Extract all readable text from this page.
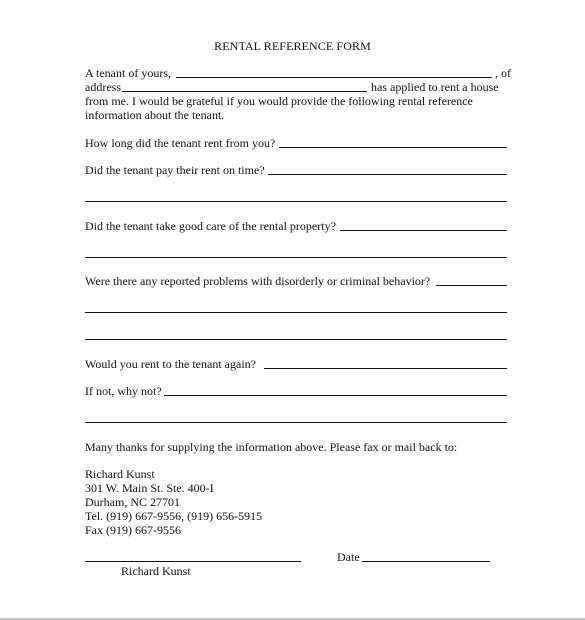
RENTAL REFERENCE FORM
A tenant of yours,	, of
address	has applied to rent a house
from me. I would be grateful if you would provide the following rental reference
information about the tenant.
How long did the tenant rent from you?
Did the tenant pay their rent on time?
Did the tenant take good care of the rental property?
Were there any reported problems with disorderly or criminal behavior?
Would you rent to the tenant again?
If not, why not?
Many thanks for supplying the information above. Please fax or mail back to:
Richard Kunst
301 W. Main St. Ste. 400-I
Durham, NC 27701
Tel. (919) 667-9556, (919) 656-5915
Fax (919) 667-9556
Date
Richard Kunst
